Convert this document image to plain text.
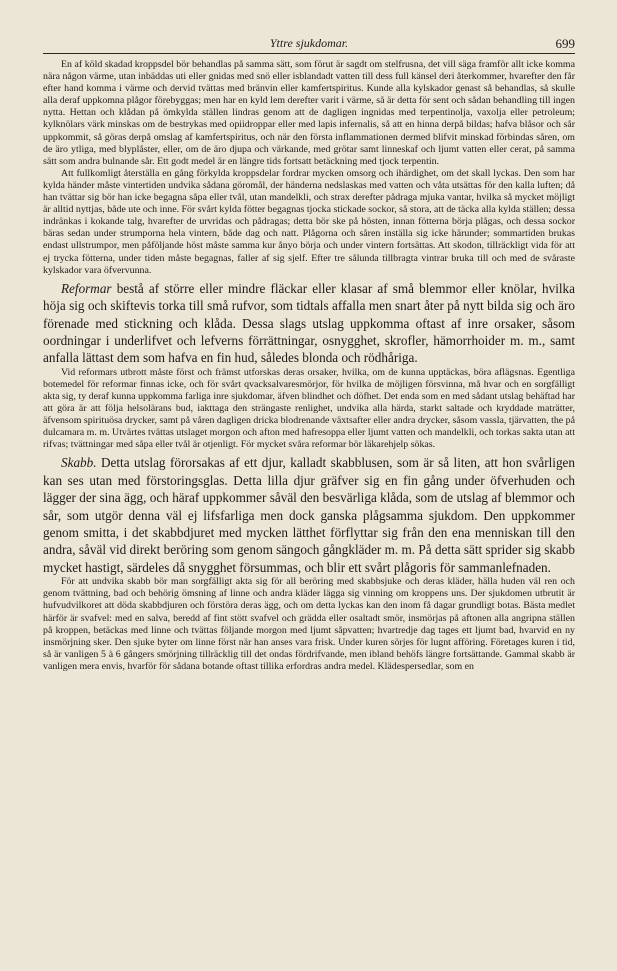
Yttre sjukdomar.	699

En af köld skadad kroppsdel bör behandlas på samma sätt, som förut är sagdt om stelfrusna, det vill säga framför allt icke komma nära någon värme, utan inbäddas uti eller gnidas med snö eller isblandadt vatten till dess full känsel deri återkommer, hvarefter den får efter hand komma i värme och dervid tvättas med bränvin eller kamfertspiritus. Kunde alla kylskador genast så behandlas, så skulle alla deraf uppkomna plågor förebyggas; men har en kyld lem derefter varit i värme, så är detta för sent och sådan behandling till ingen nytta. Hettan och klådan på ömkylda ställen lindras genom att de dagligen ingnidas med terpentinolja, vaxolja eller petroleum; kylknölars värk minskas om de bestrykas med opiidroppar eller med lapis infernalis, så att en hinna derpå bildas; hafva blåsor och sår uppkommit, så göras derpå omslag af kamfertspiritus, och när den första inflammationen dermed blifvit minskad förbindas såren, om de äro ytliga, med blyplåster, eller, om de äro djupa och värkande, med grötar samt linneskaf och ljumt vatten eller cerat, på samma sätt som andra bulnande sår. Ett godt medel är en längre tids fortsatt betäckning med tjock terpentin.

Att fullkomligt återställa en gång förkylda kroppsdelar fordrar mycken omsorg och ihärdighet, om det skall lyckas. Den som har kylda händer måste vintertiden undvika sådana göromål, der händerna nedslaskas med vatten och våta utsättas för den kalla luften; då han tvättar sig bör han icke begagna såpa eller tvål, utan mandelkli, och strax derefter pådraga mjuka vantar, hvilka så mycket möjligt är alltid nyttjas, både ute och inne. För svårt kylda fötter begagnas tjocka stickade sockor, så stora, att de täcka alla kylda ställen; dessa indränkas i kokande talg, hvarefter de urvridas och pådragas; detta bör ske på hösten, innan fötterna börja plågas, och dessa sockor bäras sedan under strumporna hela vintern, både dag och natt. Plågorna och såren inställa sig icke härunder; sommartiden brukas endast ullstrumpor, men påföljande höst måste samma kur ånyo börja och under vintern fortsättas. Att skodon, tillräckligt vida för att ej trycka fötterna, under tiden måste begagnas, faller af sig sjelf. Efter tre sålunda tillbragta vintrar bruka till och med de svåraste kylskador vara öfvervunna.

Reformar bestå af större eller mindre fläckar eller klasar af små blemmor eller knölar, hvilka höja sig och skiftevis torka till små rufvor, som tidtals affalla men snart åter på nytt bilda sig och äro förenade med stickning och klåda. Dessa slags utslag uppkomma oftast af inre orsaker, såsom oordningar i underlifvet och lefverns förrättningar, osnygghet, skrofler, hämorrhoider m. m., samt anfalla lättast dem som hafva en fin hud, således blonda och rödhåriga.

Vid reformars utbrott måste först och främst utforskas deras orsaker, hvilka, om de kunna upptäckas, böra aflägsnas. Egentliga botemedel för reformar finnas icke, och för svårt qvacksalvaresmörjor, för hvilka de möjligen försvinna, må hvar och en sorgfälligt akta sig, ty deraf kunna uppkomma farliga inre sjukdomar, äfven blindhet och döfhet. Det enda som en med sådant utslag behäftad har att göra är att följa helsolärans bud, iakttaga den strängaste renlighet, undvika alla härda, starkt saltade och kryddade maträtter, äfvensom spirituösa drycker, samt på våren dagligen dricka blodrenande växtsafter eller andra drycker, såsom vassla, tjärvatten, the på dulcamara m. m. Utvärtes tvättas utslaget morgon och afton med hafresoppa eller ljumt vatten och mandelkli, och torkas sakta utan att rifvas; tvättningar med såpa eller tvål är otjenligt. För mycket svåra reformar bör läkarehjelp sökas.

Skabb. Detta utslag förorsakas af ett djur, kalladt skabblusen, som är så liten, att hon svårligen kan ses utan med förstoringsglas. Detta lilla djur gräfver sig en fin gång under öfverhuden och lägger der sina ägg, och häraf uppkommer såväl den besvärliga klåda, som de utslag af blemmor och sår, som utgör denna väl ej lifsfarliga men dock ganska plågsamma sjukdom. Den uppkommer genom smitta, i det skabbdjuret med mycken lätthet förflyttar sig från den ena menniskan till den andra, såväl vid direkt beröring som genom sängoch gångkläder m. m. På detta sätt sprider sig skabb mycket hastigt, särdeles då snygghet försummas, och blir ett svårt plågoris för sammanlefnaden.

För att undvika skabb bör man sorgfälligt akta sig för all beröring med skabbsjuke och deras kläder, hälla huden väl ren och genom tvättning, bad och behörig ömsning af linne och andra kläder lägga sig vinning om kroppens uns. Der sjukdomen utbrutit är hufvudvilkoret att döda skabbdjuren och förstöra deras ägg, och om detta lyckas kan den inom få dagar grundligt botas. Bästa medlet härför är svafvel: med en salva, beredd af fint stött svafvel och grädda eller osaltadt smör, insmörjas på aftonen alla angripna ställen på kroppen, betäckas med linne och tvättas följande morgon med ljumt såpvatten; hvartredje dag tages ett ljumt bad, hvarvid en ny insmörjning sker. Den sjuke byter om linne först när han anses vara frisk. Under kuren sörjes för lugnt afföring. Företages kuren i tid, så är vanligen 5 à 6 gångers smörjning tillräcklig till det ondas fördrifvande, men ibland behöfs längre fortsättande. Gammal skabb är vanligen mera envis, hvarför för sådana botande oftast tillika erfordras andra medel. Klädespersedlar, som en
